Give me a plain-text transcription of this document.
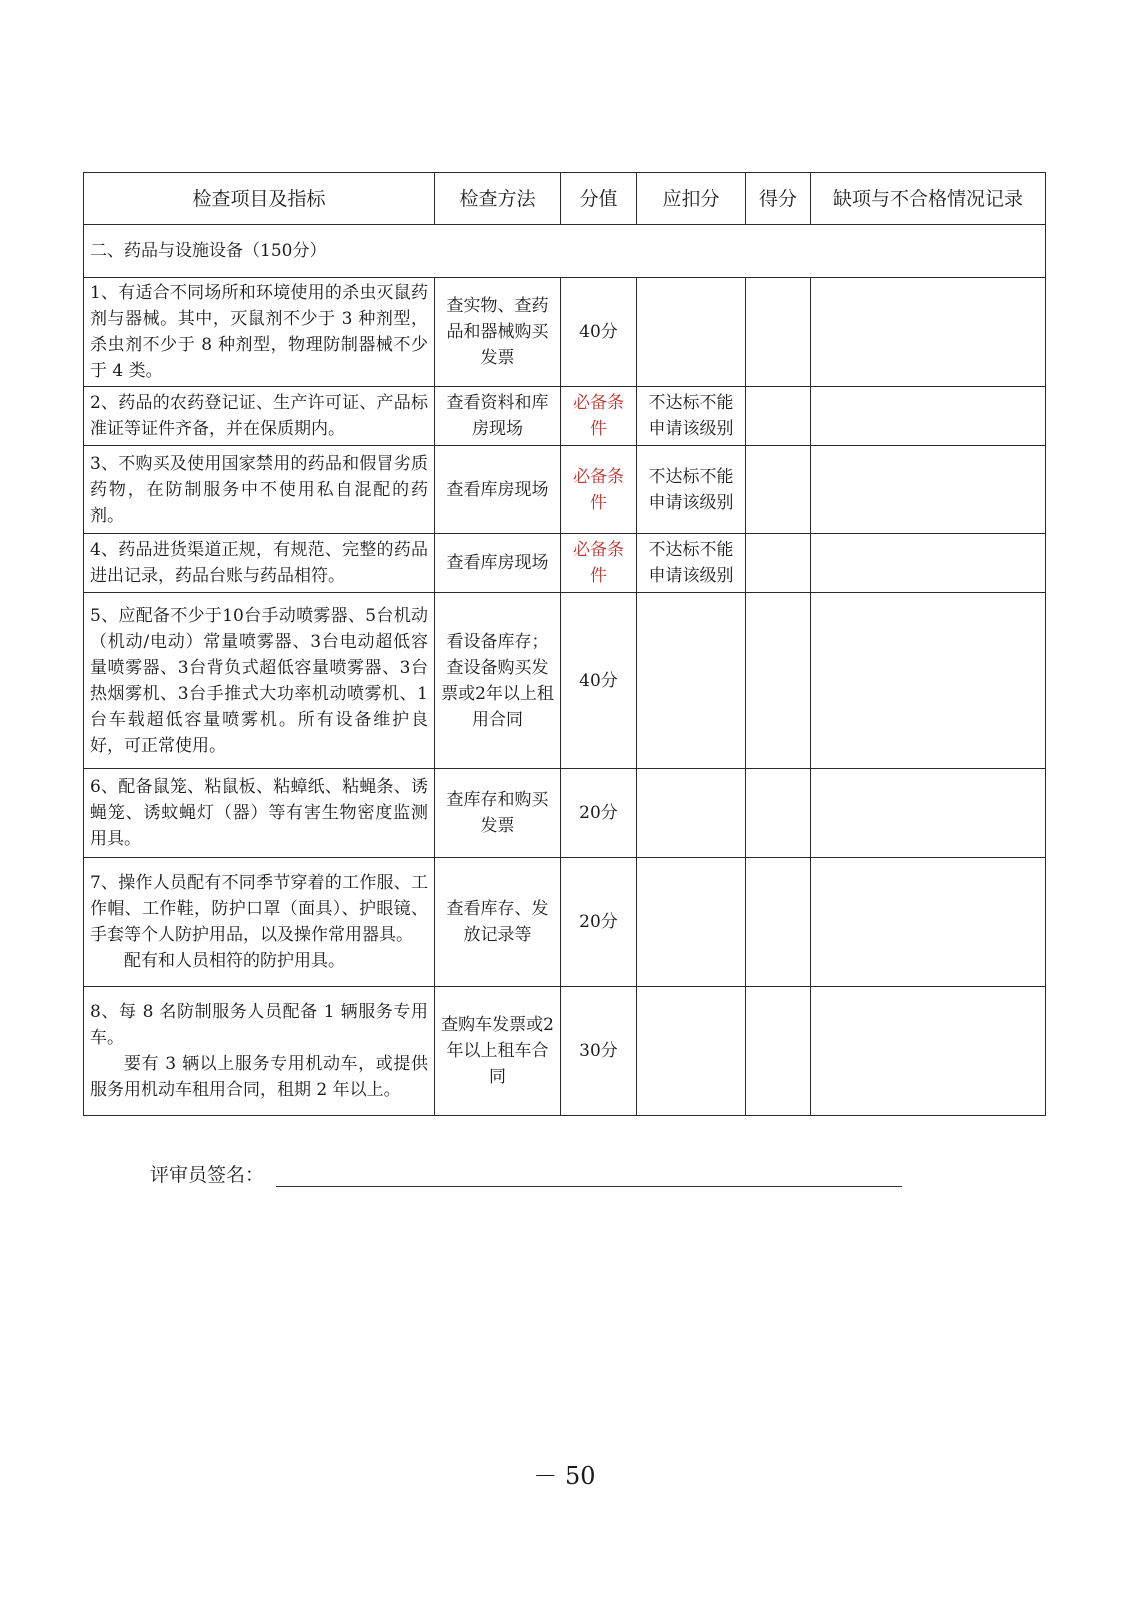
检查项目及指标	检查方法	分值	应扣分	得分	缺项与不合格情况记录
二、药品与设施设备（150分）					
1、有适合不同场所和环境使用的杀虫灭鼠药剂与器械。其中，灭鼠剂不少于 3 种剂型，杀虫剂不少于 8 种剂型，物理防制器械不少于 4 类。	查实物、查药品和器械购买发票	40分			
2、药品的农药登记证、生产许可证、产品标准证等证件齐备，并在保质期内。	查看资料和库房现场	必备条件	不达标不能申请该级别		
3、不购买及使用国家禁用的药品和假冒劣质药物，在防制服务中不使用私自混配的药剂。	查看库房现场	必备条件	不达标不能申请该级别		
4、药品进货渠道正规，有规范、完整的药品进出记录，药品台账与药品相符。	查看库房现场	必备条件	不达标不能申请该级别		
5、应配备不少于10台手动喷雾器、5台机动（机动/电动）常量喷雾器、3台电动超低容量喷雾器、3台背负式超低容量喷雾器、3台热烟雾机、3台手推式大功率机动喷雾机、1台车载超低容量喷雾机。所有设备维护良好，可正常使用。	看设备库存；查设备购买发票或2年以上租用合同	40分			
6、配备鼠笼、粘鼠板、粘蟑纸、粘蝇条、诱蝇笼、诱蚊蝇灯（器）等有害生物密度监测用具。	查库存和购买发票	20分			
7、操作人员配有不同季节穿着的工作服、工作帽、工作鞋，防护口罩（面具）、护眼镜、手套等个人防护用品，以及操作常用器具。
配有和人员相符的防护用具。	查看库存、发放记录等	20分			
8、每 8 名防制服务人员配备 1 辆服务专用车。
要有 3 辆以上服务专用机动车，或提供服务用机动车租用合同，租期 2 年以上。	查购车发票或2年以上租车合同	30分			
评审员签名：
－ 50
